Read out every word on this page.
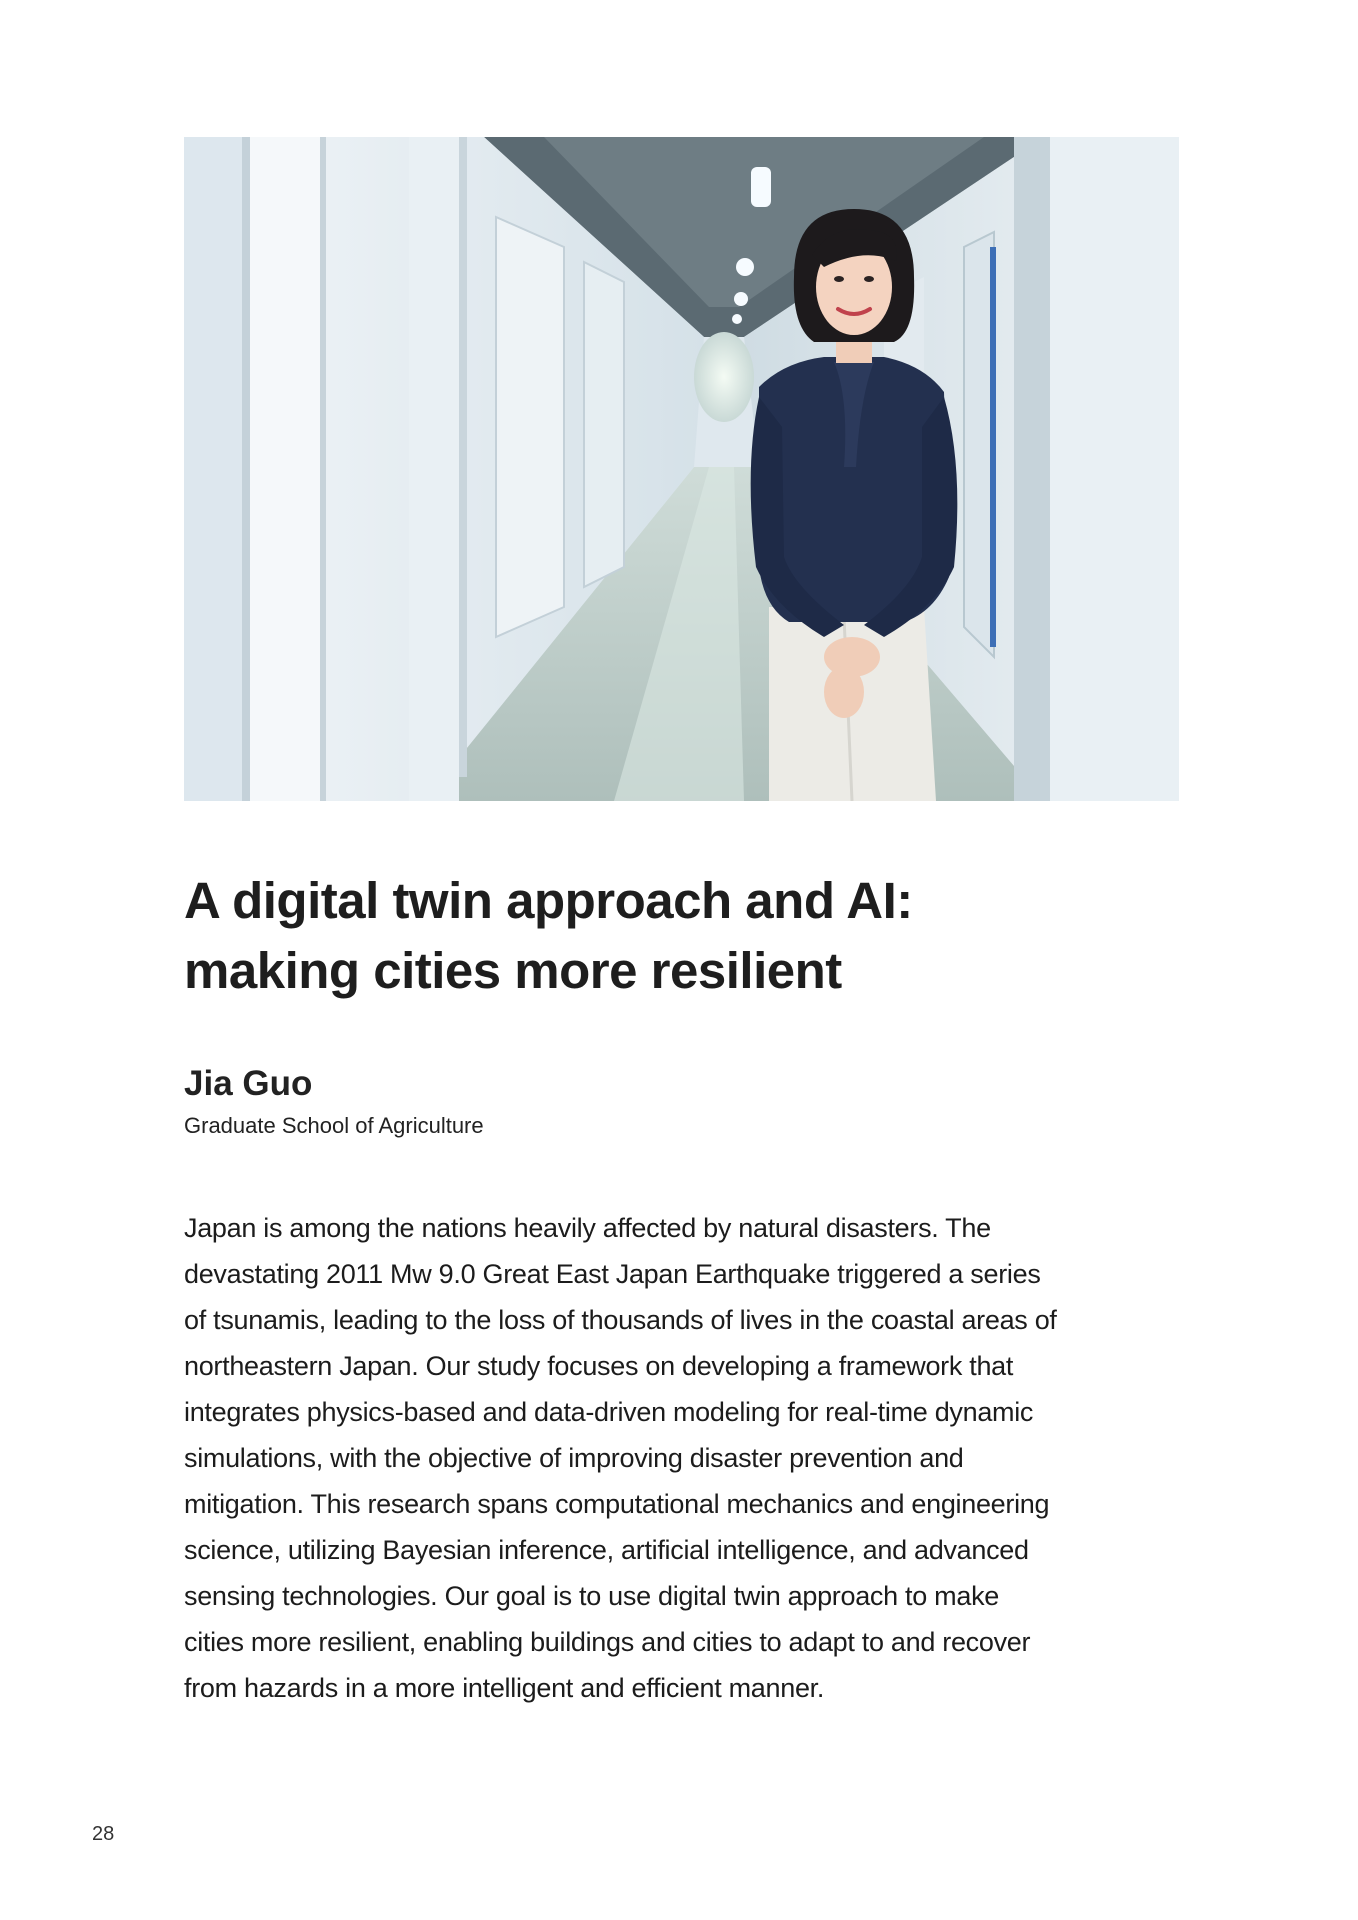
A digital twin approach and AI:
making cities more resilient

Jia Guo

Graduate School of Agriculture

Japan is among the nations heavily affected by natural disasters. The
devastating 2011 Mw 9.0 Great East Japan Earthquake triggered a series
of tsunamis, leading to the loss of thousands of lives in the coastal areas of
northeastern Japan. Our study focuses on developing a framework that
integrates physics-based and data-driven modeling for real-time dynamic
simulations, with the objective of improving disaster prevention and
mitigation. This research spans computational mechanics and engineering
science, utilizing Bayesian inference, artificial intelligence, and advanced
sensing technologies. Our goal is to use digital twin approach to make
cities more resilient, enabling buildings and cities to adapt to and recover
from hazards in a more intelligent and efficient manner.

28
